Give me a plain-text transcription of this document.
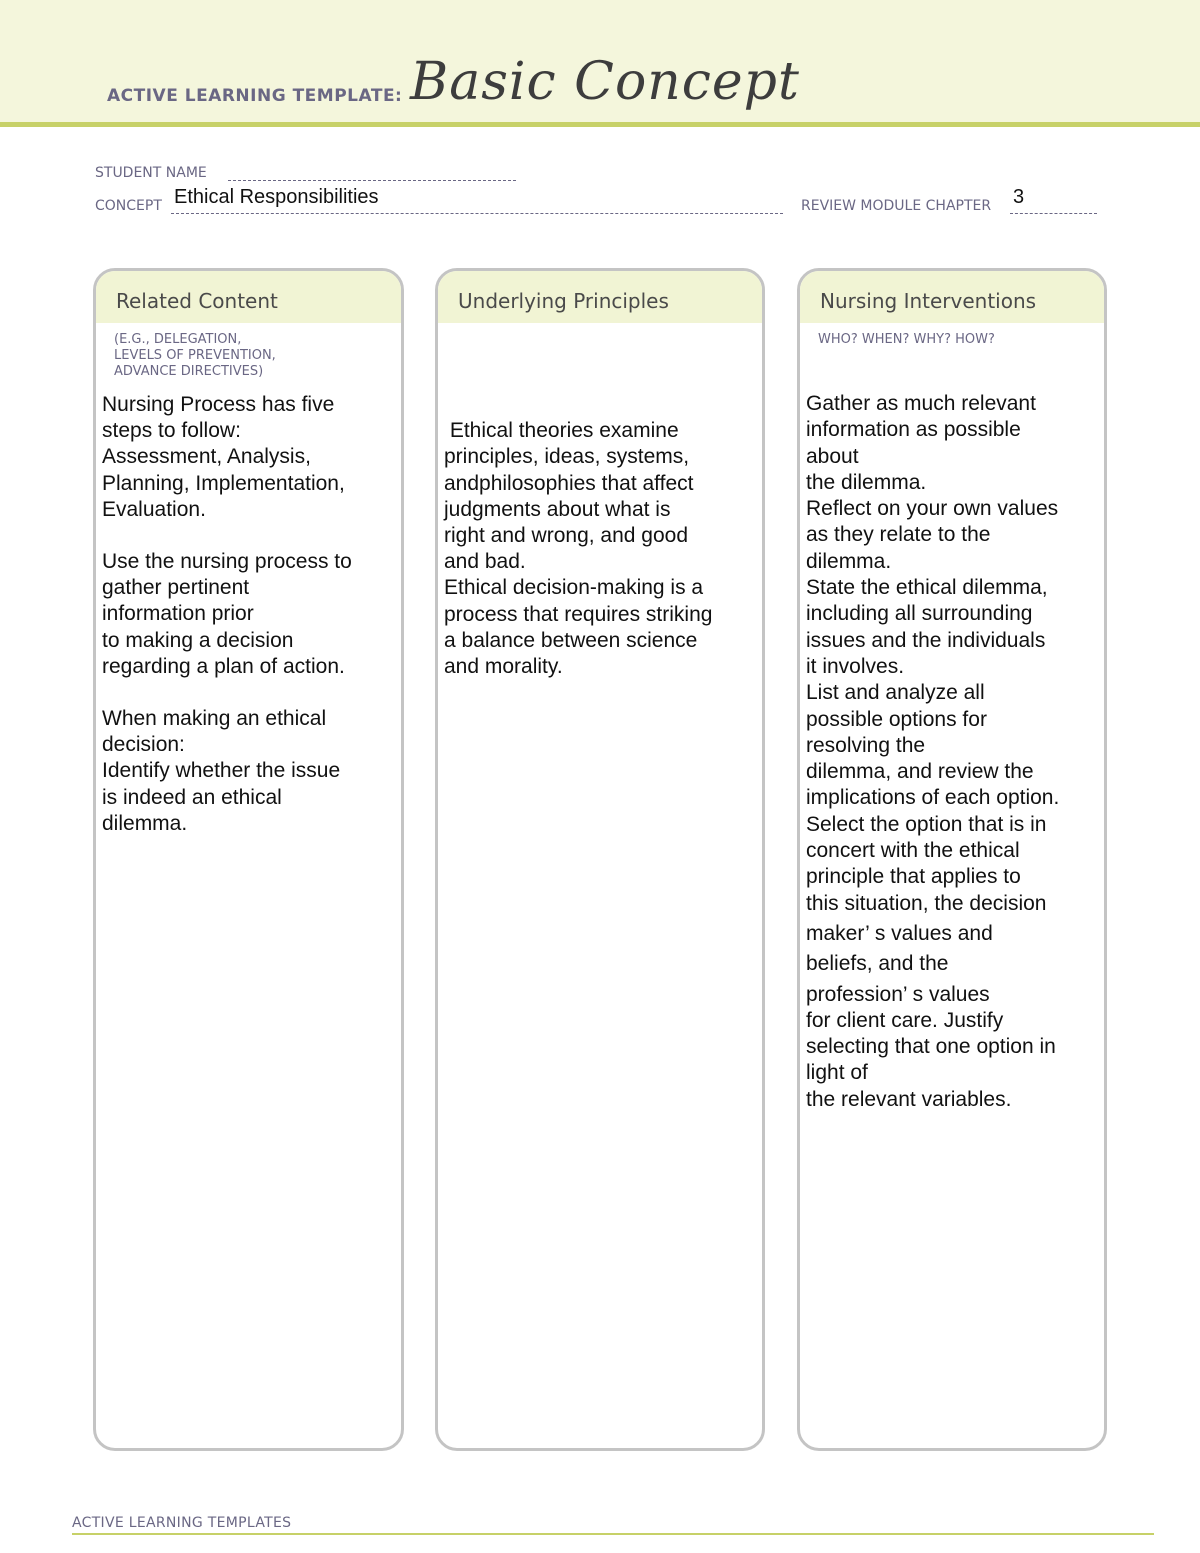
ACTIVE LEARNING TEMPLATE: Basic Concept
STUDENT NAME
CONCEPT Ethical Responsibilities	REVIEW MODULE CHAPTER 3
Related Content
(E.G., DELEGATION,
LEVELS OF PREVENTION,
ADVANCE DIRECTIVES)

Nursing Process has five
steps to follow:
Assessment, Analysis,
Planning, Implementation,
Evaluation.

Use the nursing process to
gather pertinent
information prior
to making a decision
regarding a plan of action.

When making an ethical
decision:
Identify whether the issue
is indeed an ethical
dilemma.

Underlying Principles

Ethical theories examine
principles, ideas, systems,
andphilosophies that affect
judgments about what is
right and wrong, and good
and bad.
Ethical decision-making is a
process that requires striking
a balance between science
and morality.

Nursing Interventions
WHO? WHEN? WHY? HOW?

Gather as much relevant
information as possible
about
the dilemma.
Reflect on your own values
as they relate to the
dilemma.
State the ethical dilemma,
including all surrounding
issues and the individuals
it involves.
List and analyze all
possible options for
resolving the
dilemma, and review the
implications of each option.
Select the option that is in
concert with the ethical
principle that applies to
this situation, the decision
maker’ s values and
beliefs, and the
profession’ s values
for client care. Justify
selecting that one option in
light of
the relevant variables.

ACTIVE LEARNING TEMPLATES
